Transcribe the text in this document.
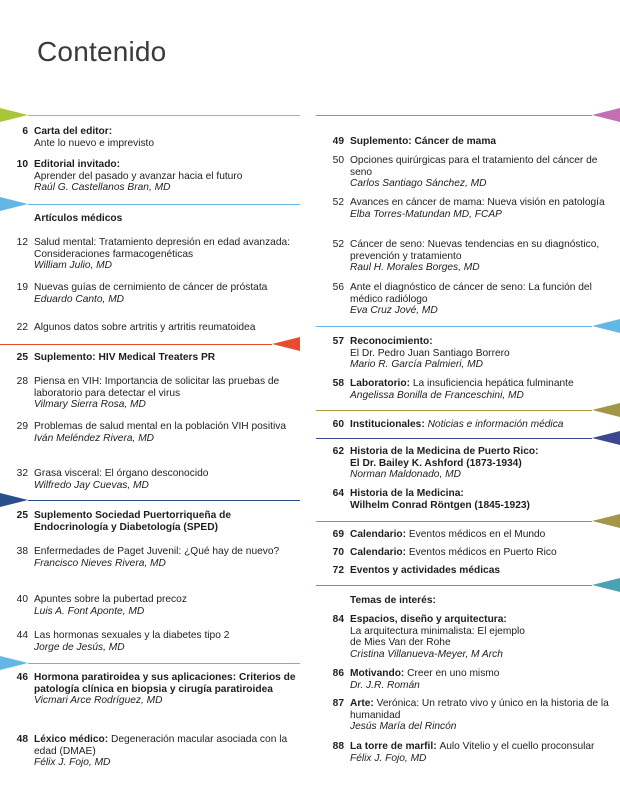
Contenido
6 Carta del editor:
Ante lo nuevo e imprevisto
10 Editorial invitado:
Aprender del pasado y avanzar hacia el futuro
Raúl G. Castellanos Bran, MD
Artículos médicos
12 Salud mental: Tratamiento depresión en edad avanzada: Consideraciones farmacogenéticas
William Julio, MD
19 Nuevas guías de cernimiento de cáncer de próstata
Eduardo Canto, MD
22 Algunos datos sobre artritis y artritis reumatoidea
25 Suplemento: HIV Medical Treaters PR
28 Piensa en VIH: Importancia de solicitar las pruebas de laboratorio para detectar el virus
Vilmary Sierra Rosa, MD
29 Problemas de salud mental en la población VIH positiva
Iván Meléndez Rivera, MD
32 Grasa visceral: El órgano desconocido
Wilfredo Jay Cuevas, MD
25 Suplemento Sociedad Puertorriqueña de Endocrinología y Diabetología (SPED)
38 Enfermedades de Paget Juvenil: ¿Qué hay de nuevo?
Francisco Nieves Rivera, MD
40 Apuntes sobre la pubertad precoz
Luis A. Font Aponte, MD
44 Las hormonas sexuales y la diabetes tipo 2
Jorge de Jesús, MD
46 Hormona paratiroidea y sus aplicaciones: Criterios de patología clínica en biopsia y cirugía paratiroidea
Vicmari Arce Rodríguez, MD
48 Léxico médico: Degeneración macular asociada con la edad (DMAE)
Félix J. Fojo, MD
49 Suplemento: Cáncer de mama
50 Opciones quirúrgicas para el tratamiento del cáncer de seno
Carlos Santiago Sánchez, MD
52 Avances en cáncer de mama: Nueva visión en patología
Elba Torres-Matundan MD, FCAP
52 Cáncer de seno: Nuevas tendencias en su diagnóstico, prevención y tratamiento
Raul H. Morales Borges, MD
56 Ante el diagnóstico de cáncer de seno: La función del médico radiólogo
Eva Cruz Jové, MD
57 Reconocimiento:
El Dr. Pedro Juan Santiago Borrero
Mario R. García Palmieri, MD
58 Laboratorio: La insuficiencia hepática fulminante
Angelissa Bonilla de Franceschini, MD
60 Institucionales: Noticias e información médica
62 Historia de la Medicina de Puerto Rico:
El Dr. Bailey K. Ashford (1873-1934)
Norman Maldonado, MD
64 Historia de la Medicina:
Wilhelm Conrad Röntgen (1845-1923)
69 Calendario: Eventos médicos en el Mundo
70 Calendario: Eventos médicos en Puerto Rico
72 Eventos y actividades médicas
Temas de interés:
84 Espacios, diseño y arquitectura:
La arquitectura minimalista: El ejemplo de Mies Van der Rohe
Cristina Villanueva-Meyer, M Arch
86 Motivando: Creer en uno mismo
Dr. J.R. Román
87 Arte: Verónica: Un retrato vivo y único en la historia de la humanidad
Jesús María del Rincón
88 La torre de marfil: Aulo Vitelio y el cuello proconsular
Félix J. Fojo, MD
